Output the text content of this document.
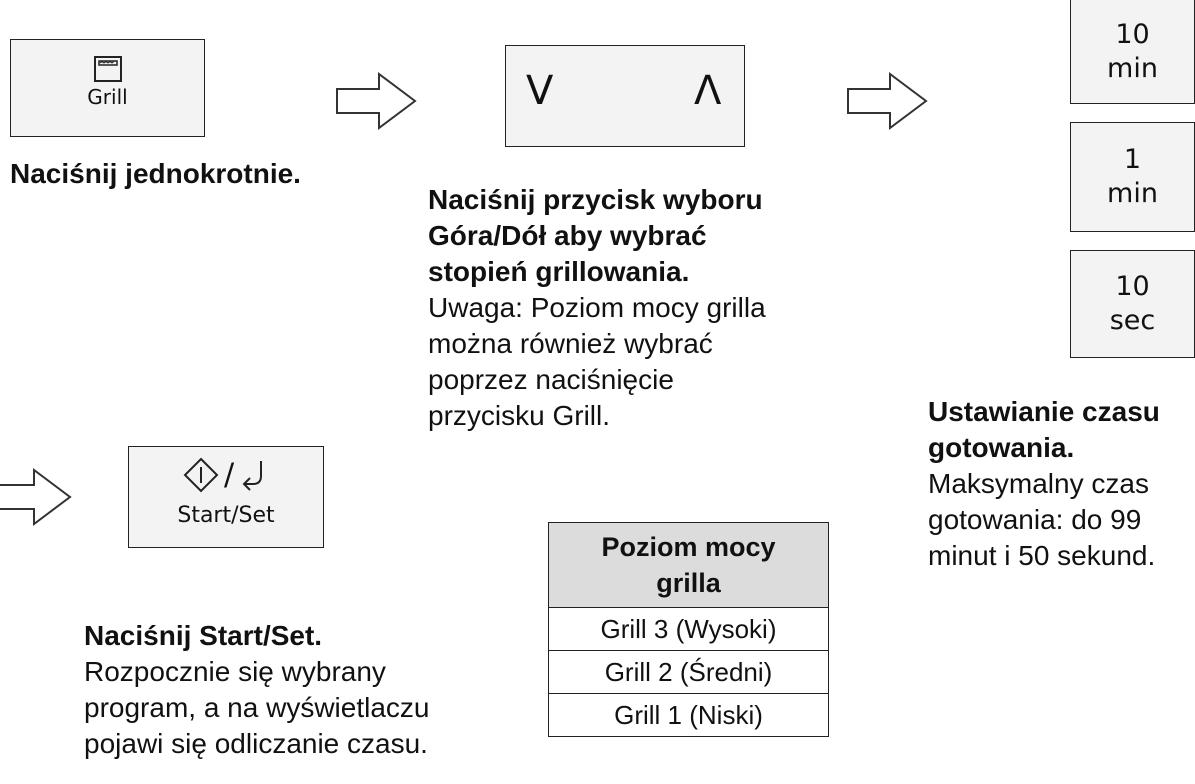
Grill	V	Λ
10
min
1
min
10
sec
Naciśnij jednokrotnie.
Naciśnij przycisk wyboru
Góra/Dół aby wybrać
stopień grillowania.
Uwaga: Poziom mocy grilla
można również wybrać
poprzez naciśnięcie
przycisku Grill.	Ustawianie czasu
gotowania.
Maksymalny czas
gotowania: do 99
minut i 50 sekund.
/
Start/Set
Naciśnij Start/Set.
Rozpocznie się wybrany
program, a na wyświetlaczu
pojawi się odliczanie czasu.
Poziom mocy
grilla

Grill 3 (Wysoki)
Grill 2 (Średni)
Grill 1 (Niski)
